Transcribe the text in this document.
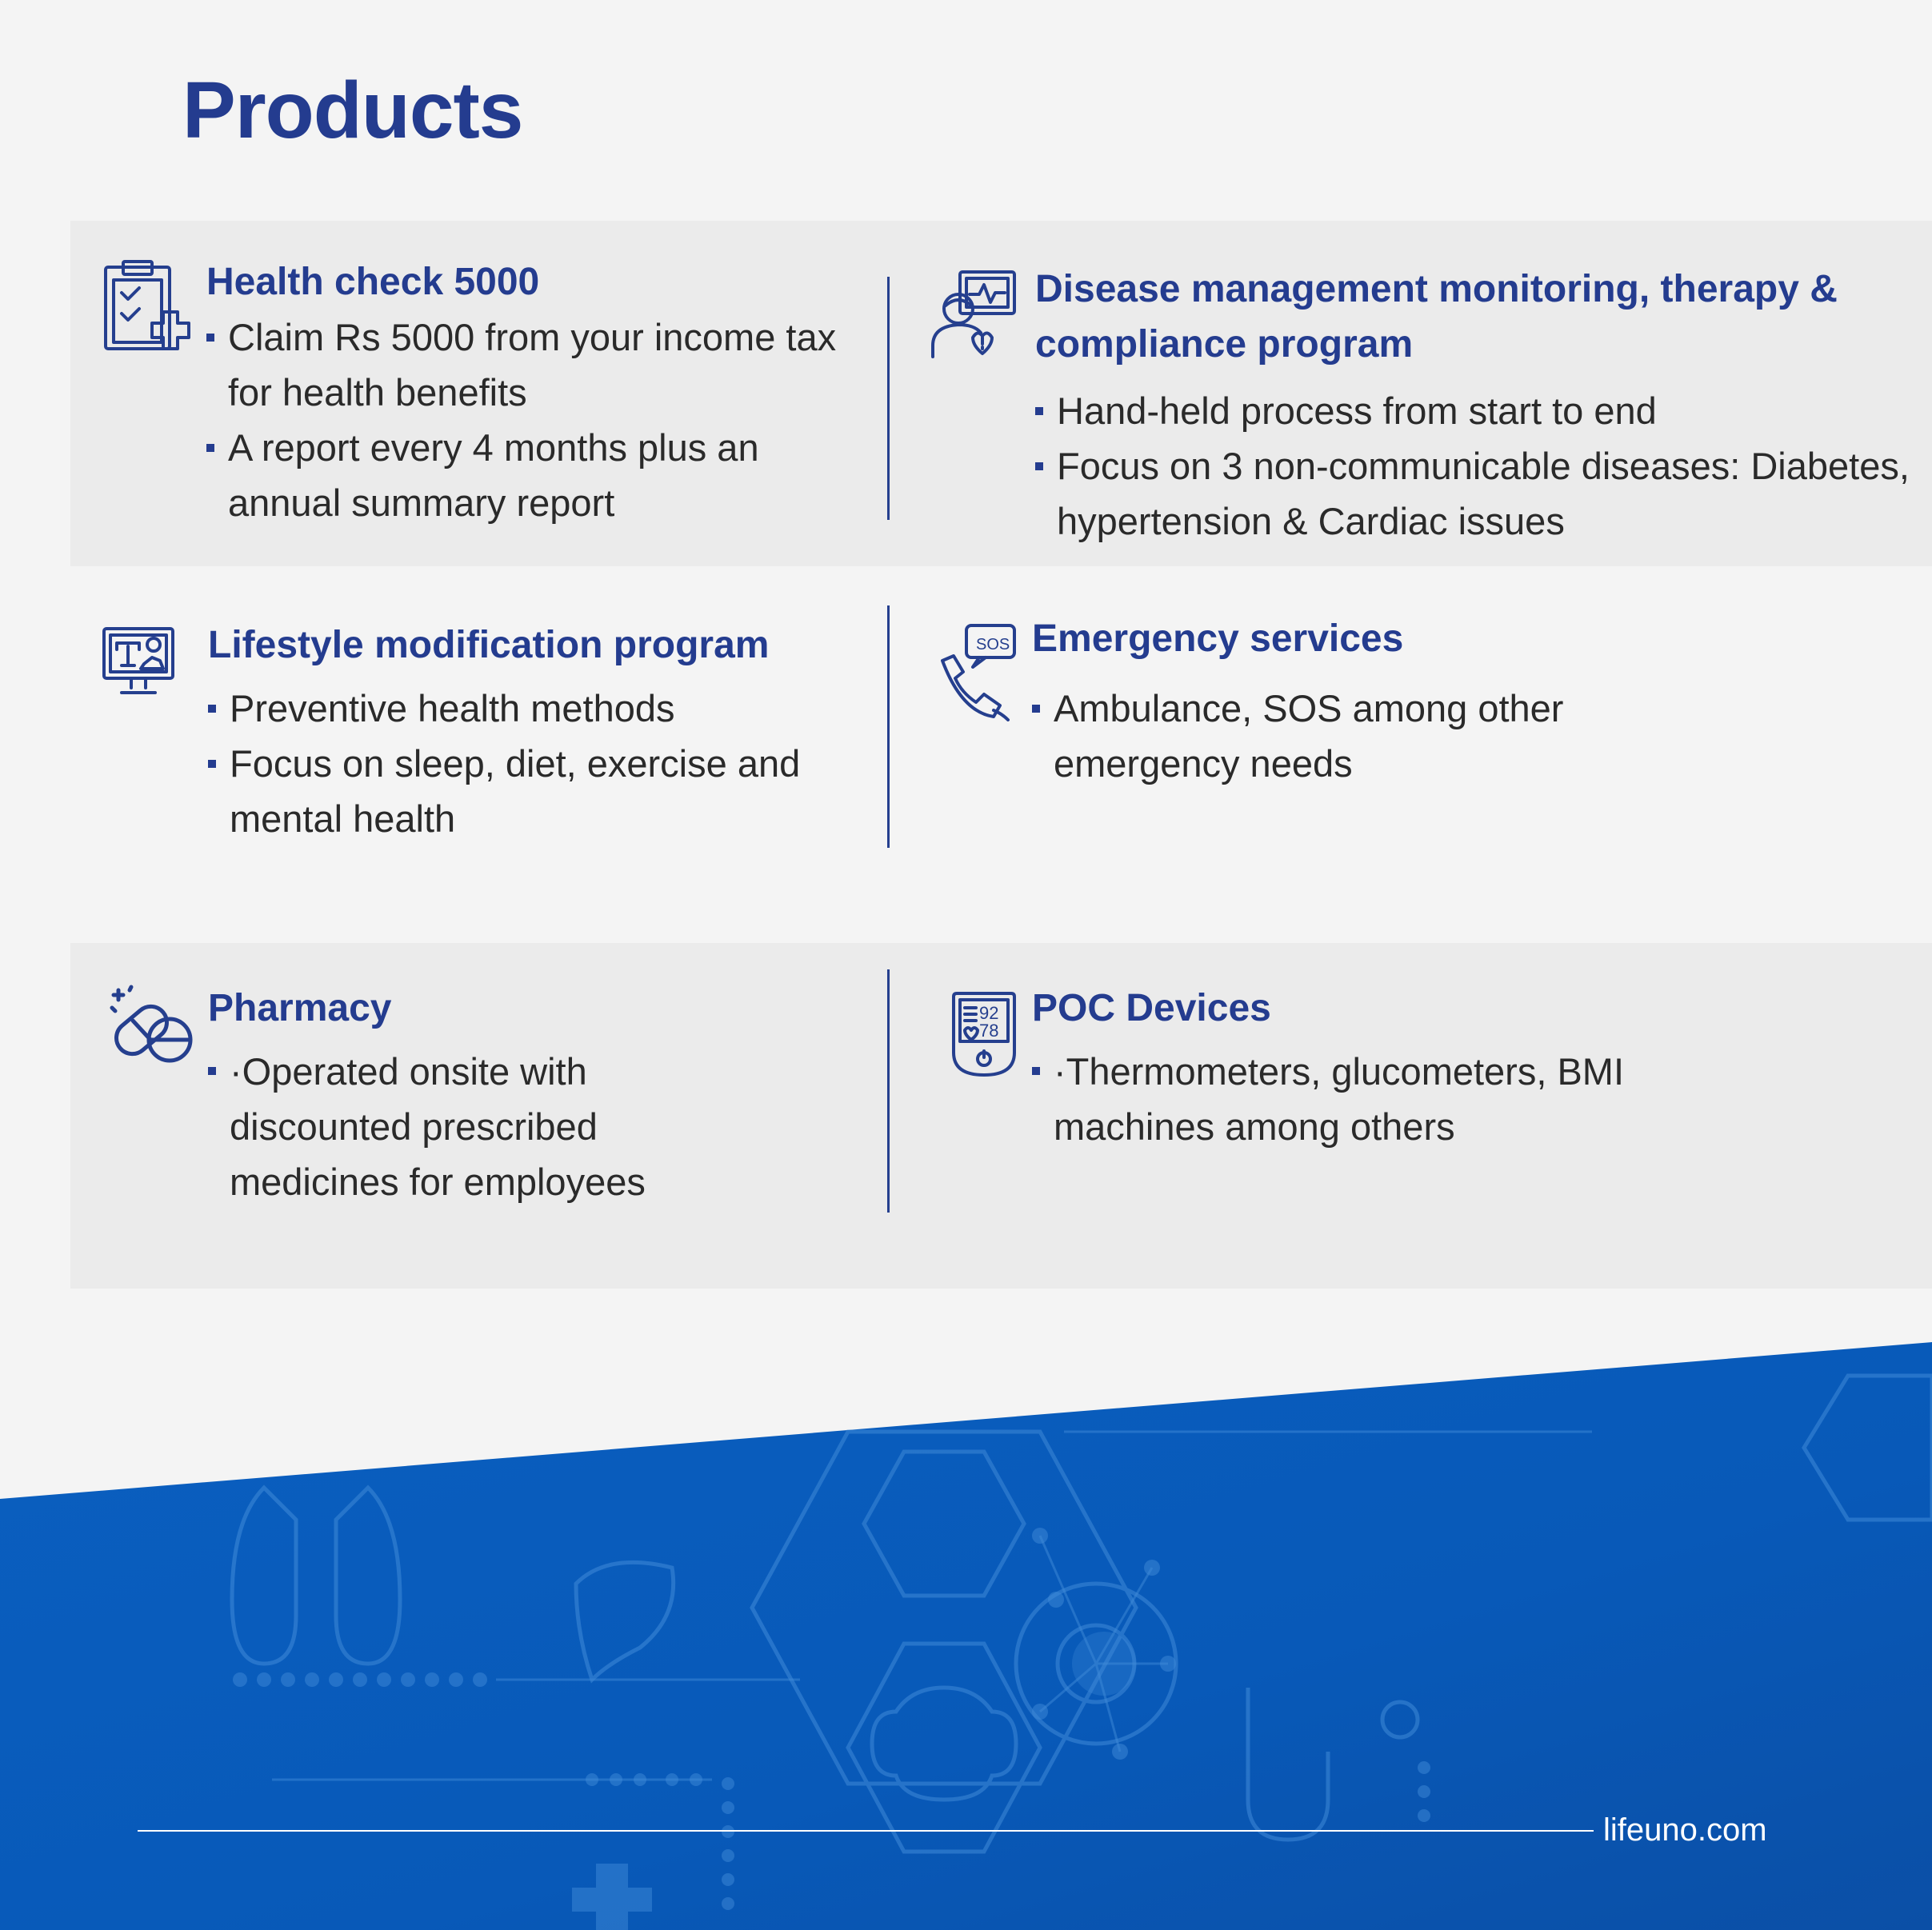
Products
Health check 5000
Claim Rs 5000 from your income tax for health benefits
A report every 4 months plus an annual summary report
Disease management monitoring, therapy & compliance program
Hand-held process from start to end
Focus on 3 non-communicable diseases: Diabetes, hypertension & Cardiac issues
Lifestyle modification program
Preventive health methods
Focus on sleep, diet, exercise and mental health
SOS Emergency services
Ambulance, SOS among other emergency needs
Pharmacy
·Operated onsite with discounted prescribed medicines for employees
92
78
POC Devices
·Thermometers, glucometers, BMI machines among others
lifeuno.com
